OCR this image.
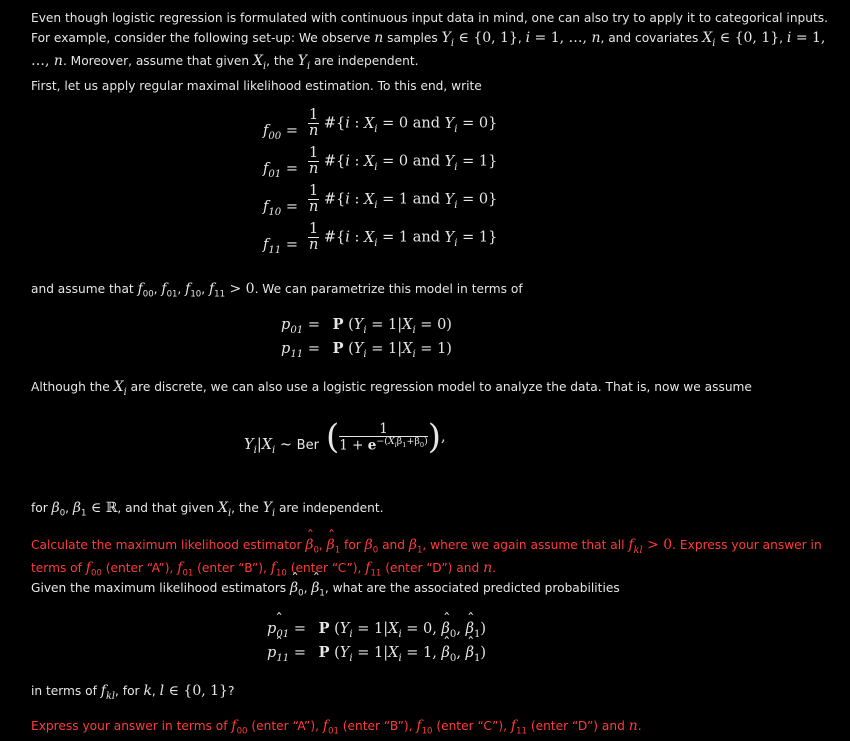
Even though logistic regression is formulated with continuous input data in mind, one can also try to apply it to categorical inputs. For example, consider the following set-up: We observe n samples $Y_i$ ∈ {0, 1}, i = 1, …, n, and covariates $X_i$ ∈ {0, 1}, i = 1, …, n. Moreover, assume that given $X_i$, the $Y_i$ are independent.
First, let us apply regular maximal likelihood estimation. To this end, write
$f_{00} = \frac{1}{n}$ #{i : $X_i = 0$ and $Y_i = 0$}
$f_{01} = \frac{1}{n}$ #{i : $X_i = 0$ and $Y_i = 1$}
$f_{10} = \frac{1}{n}$ #{i : $X_i = 1$ and $Y_i = 0$}
$f_{11} = \frac{1}{n}$ #{i : $X_i = 1$ and $Y_i = 1$}
and assume that $f_{00}$, $f_{01}$, $f_{10}$, $f_{11} > 0$. We can parametrize this model in terms of
$p_{01} = P$ $(Y_i = 1|X_i = 0)$
$p_{11} = P$ $(Y_i = 1|X_i = 1)$
Although the $X_i$ are discrete, we can also use a logistic regression model to analyze the data. That is, now we assume
$Y_i|X_i$ ~ Ber ( $\frac{1}{1 + e^{-(X_i\beta_1+\beta_0)}}$ ),
for $\beta_0$, $\beta_1$ ∈ ℝ, and that given $X_i$, the $Y_i$ are independent.
Calculate the maximum likelihood estimator ˆ $\beta_0$, ˆ $\beta_1$ for $\beta_0$ and $\beta_1$, where we again assume that all $f_{kl} > 0$. Express your answer in terms of $f_{00}$ (enter “A”), $f_{01}$ (enter “B”), $f_{10}$ (enter “C”), $f_{11}$ (enter “D”) and n.
Given the maximum likelihood estimators ˆ $\beta_0$, ˆ $\beta_1$, what are the associated predicted probabilities
ˆ $p_{01} = P$ ($Y_i = 1|X_i = 0$, ˆ $\beta_0$, ˆ $\beta_1$)
ˆ $p_{11} = P$ ($Y_i = 1|X_i = 1$, ˆ $\beta_0$, ˆ $\beta_1$)
in terms of $f_{kl}$, for k, l ∈ {0, 1}?
Express your answer in terms of $f_{00}$ (enter “A”), $f_{01}$ (enter “B”), $f_{10}$ (enter “C”), $f_{11}$ (enter “D”) and n.
